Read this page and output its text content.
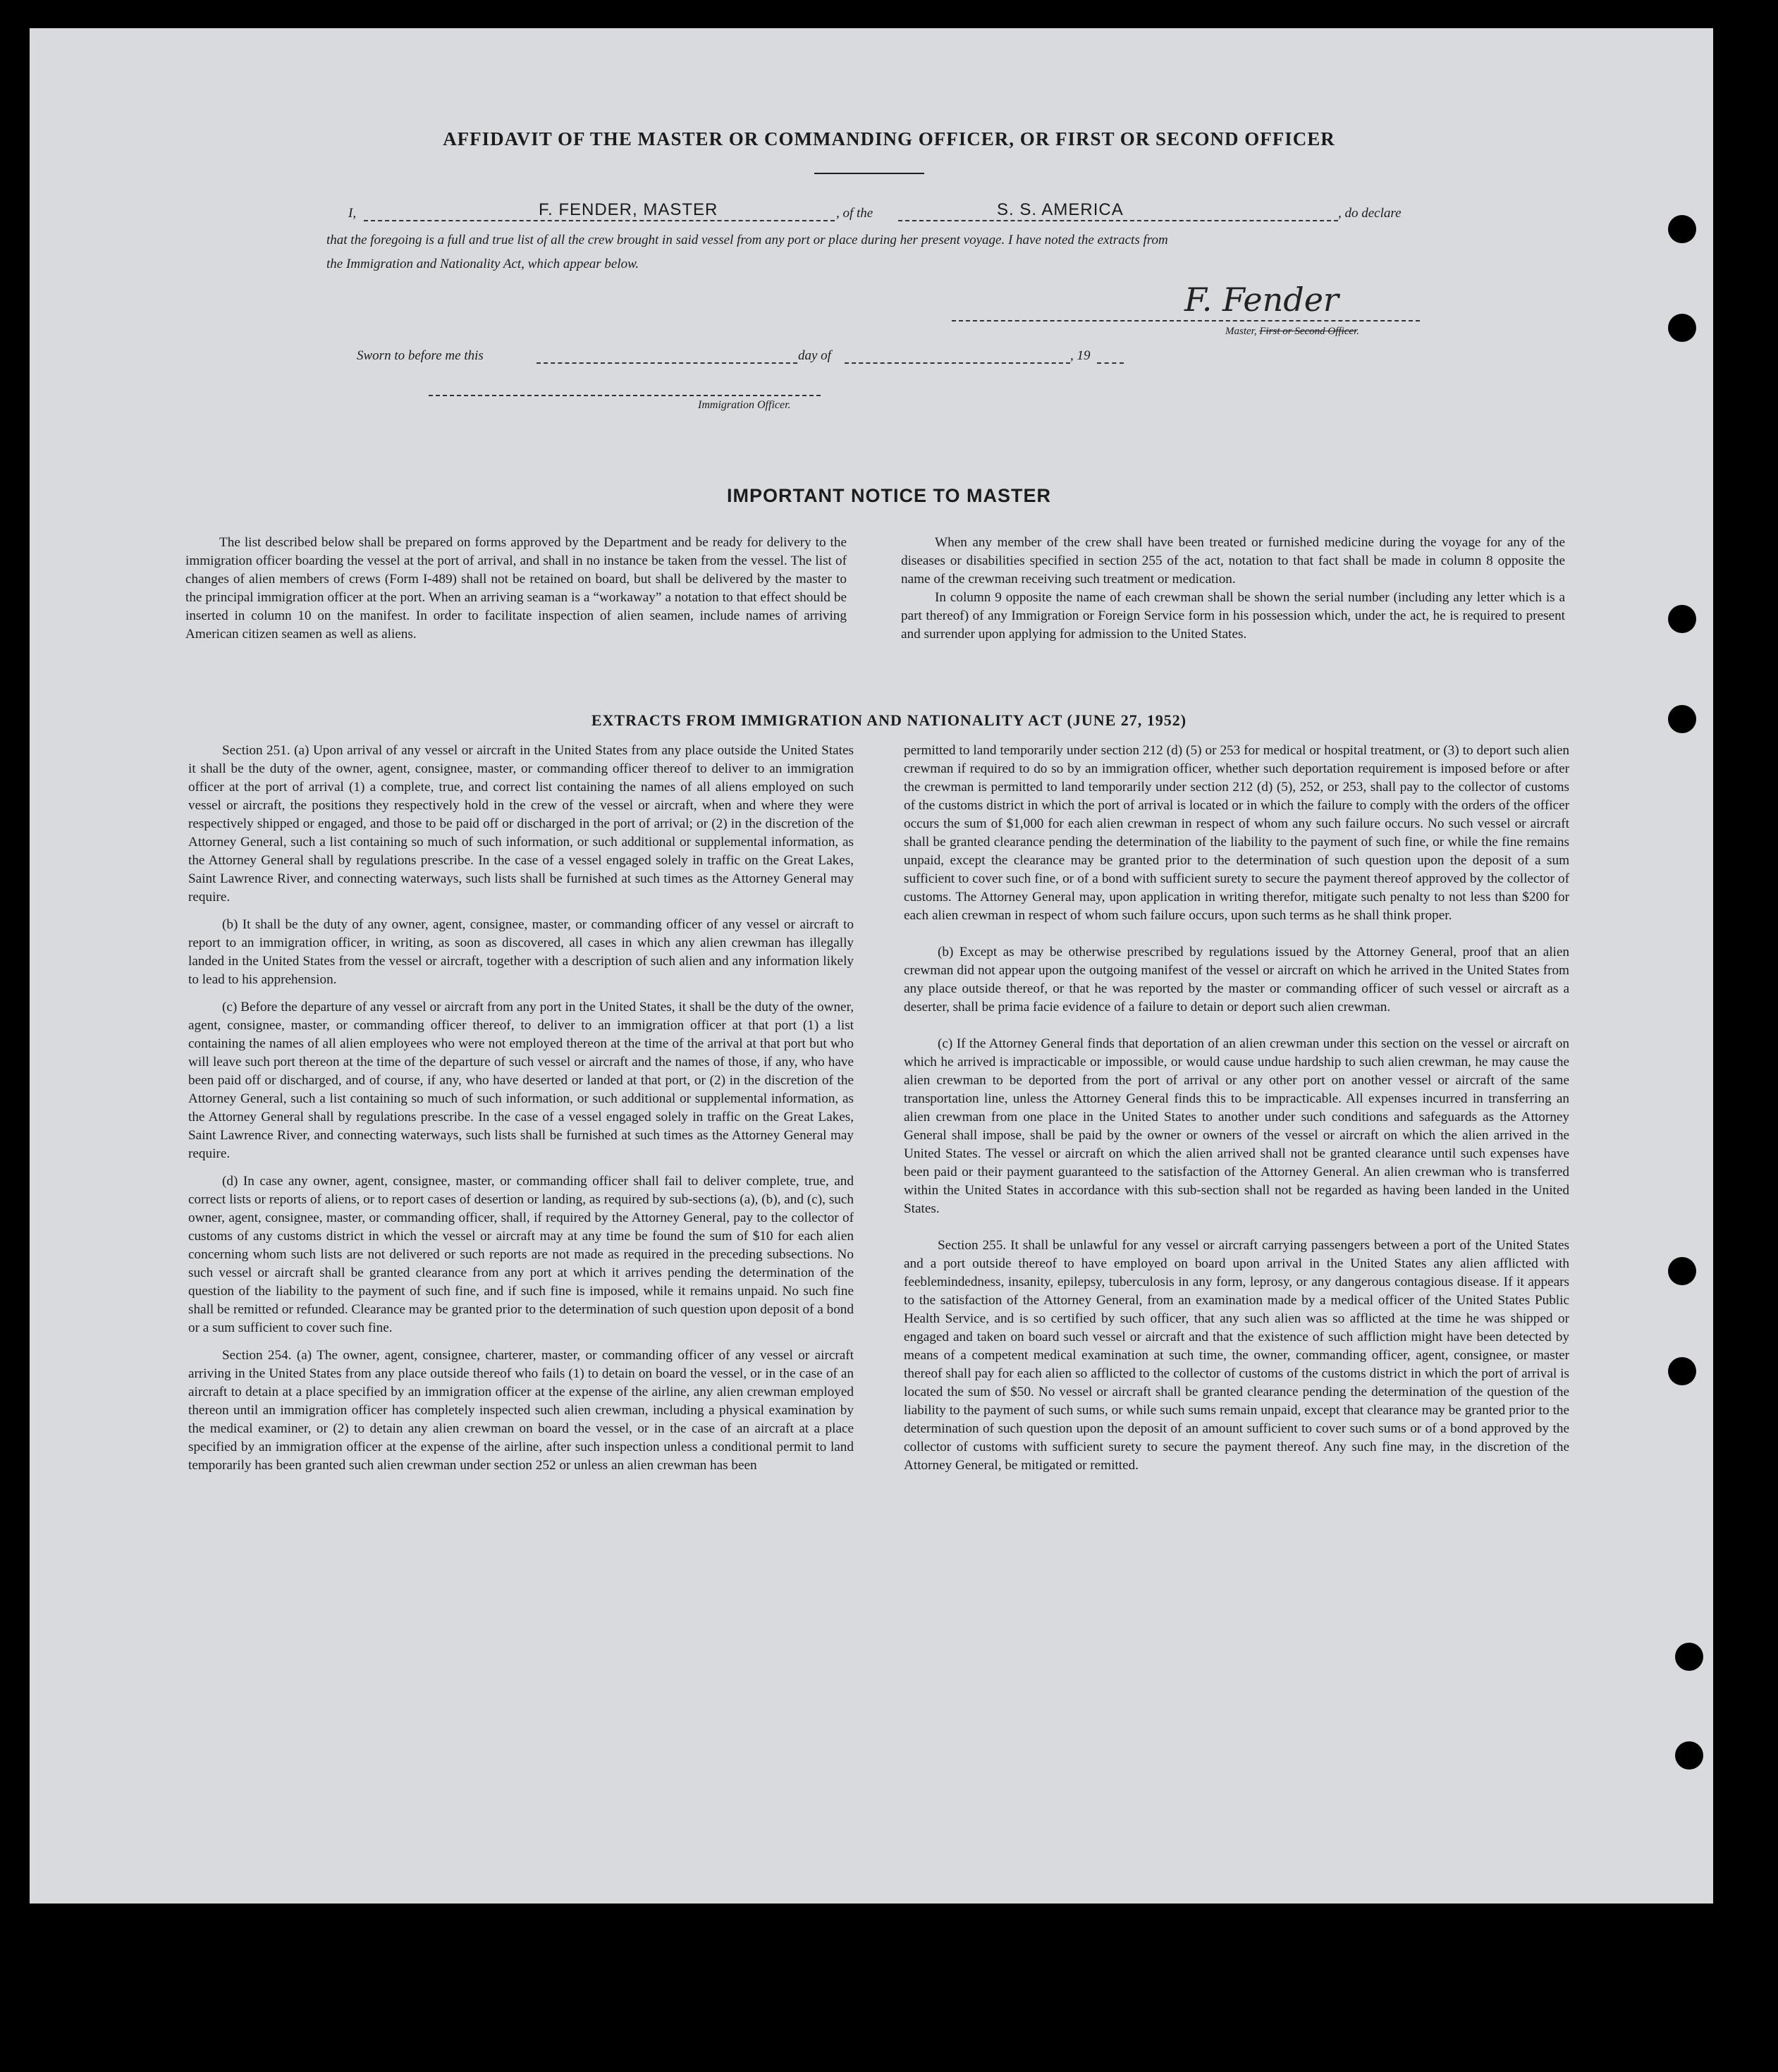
AFFIDAVIT OF THE MASTER OR COMMANDING OFFICER, OR FIRST OR SECOND OFFICER
I,	F. FENDER, MASTER	, of the	S. S. AMERICA	, do declare
that the foregoing is a full and true list of all the crew brought in said vessel from any port or place during her present voyage. I have noted the extracts from
the Immigration and Nationality Act, which appear below.
F. Fender
Master, First or Second Officer.
Sworn to before me this	day of	, 19
Immigration Officer.
IMPORTANT NOTICE TO MASTER

The list described below shall be prepared on forms approved by the Department and be ready for delivery to the immigration officer boarding the vessel at the port of arrival, and shall in no instance be taken from the vessel. The list of changes of alien members of crews (Form I-489) shall not be retained on board, but shall be delivered by the master to the principal immigration officer at the port. When an arriving seaman is a “workaway” a notation to that effect should be inserted in column 10 on the manifest. In order to facilitate inspection of alien seamen, include names of arriving American citizen seamen as well as aliens.

When any member of the crew shall have been treated or furnished medicine during the voyage for any of the diseases or disabilities specified in section 255 of the act, notation to that fact shall be made in column 8 opposite the name of the crewman receiving such treatment or medication.

In column 9 opposite the name of each crewman shall be shown the serial number (including any letter which is a part thereof) of any Immigration or Foreign Service form in his possession which, under the act, he is required to present and surrender upon applying for admission to the United States.

EXTRACTS FROM IMMIGRATION AND NATIONALITY ACT (JUNE 27, 1952)

Section 251. (a) Upon arrival of any vessel or aircraft in the United States from any place outside the United States it shall be the duty of the owner, agent, consignee, master, or commanding officer thereof to deliver to an immigration officer at the port of arrival (1) a complete, true, and correct list containing the names of all aliens employed on such vessel or aircraft, the positions they respectively hold in the crew of the vessel or aircraft, when and where they were respectively shipped or engaged, and those to be paid off or discharged in the port of arrival; or (2) in the discretion of the Attorney General, such a list containing so much of such information, or such additional or supplemental information, as the Attorney General shall by regulations prescribe. In the case of a vessel engaged solely in traffic on the Great Lakes, Saint Lawrence River, and connecting waterways, such lists shall be furnished at such times as the Attorney General may require.

(b) It shall be the duty of any owner, agent, consignee, master, or commanding officer of any vessel or aircraft to report to an immigration officer, in writing, as soon as discovered, all cases in which any alien crewman has illegally landed in the United States from the vessel or aircraft, together with a description of such alien and any information likely to lead to his apprehension.

(c) Before the departure of any vessel or aircraft from any port in the United States, it shall be the duty of the owner, agent, consignee, master, or commanding officer thereof, to deliver to an immigration officer at that port (1) a list containing the names of all alien employees who were not employed thereon at the time of the arrival at that port but who will leave such port thereon at the time of the departure of such vessel or aircraft and the names of those, if any, who have been paid off or discharged, and of course, if any, who have deserted or landed at that port, or (2) in the discretion of the Attorney General, such a list containing so much of such information, or such additional or supplemental information, as the Attorney General shall by regulations prescribe. In the case of a vessel engaged solely in traffic on the Great Lakes, Saint Lawrence River, and connecting waterways, such lists shall be furnished at such times as the Attorney General may require.

(d) In case any owner, agent, consignee, master, or commanding officer shall fail to deliver complete, true, and correct lists or reports of aliens, or to report cases of desertion or landing, as required by sub-sections (a), (b), and (c), such owner, agent, consignee, master, or commanding officer, shall, if required by the Attorney General, pay to the collector of customs of any customs district in which the vessel or aircraft may at any time be found the sum of $10 for each alien concerning whom such lists are not delivered or such reports are not made as required in the preceding subsections. No such vessel or aircraft shall be granted clearance from any port at which it arrives pending the determination of the question of the liability to the payment of such fine, and if such fine is imposed, while it remains unpaid. No such fine shall be remitted or refunded. Clearance may be granted prior to the determination of such question upon deposit of a bond or a sum sufficient to cover such fine.

Section 254. (a) The owner, agent, consignee, charterer, master, or commanding officer of any vessel or aircraft arriving in the United States from any place outside thereof who fails (1) to detain on board the vessel, or in the case of an aircraft to detain at a place specified by an immigration officer at the expense of the airline, any alien crewman employed thereon until an immigration officer has completely inspected such alien crewman, including a physical examination by the medical examiner, or (2) to detain any alien crewman on board the vessel, or in the case of an aircraft at a place specified by an immigration officer at the expense of the airline, after such inspection unless a conditional permit to land temporarily has been granted such alien crewman under section 252 or unless an alien crewman has been

permitted to land temporarily under section 212 (d) (5) or 253 for medical or hospital treatment, or (3) to deport such alien crewman if required to do so by an immigration officer, whether such deportation requirement is imposed before or after the crewman is permitted to land temporarily under section 212 (d) (5), 252, or 253, shall pay to the collector of customs of the customs district in which the port of arrival is located or in which the failure to comply with the orders of the officer occurs the sum of $1,000 for each alien crewman in respect of whom any such failure occurs. No such vessel or aircraft shall be granted clearance pending the determination of the liability to the payment of such fine, or while the fine remains unpaid, except the clearance may be granted prior to the determination of such question upon the deposit of a sum sufficient to cover such fine, or of a bond with sufficient surety to secure the payment thereof approved by the collector of customs. The Attorney General may, upon application in writing therefor, mitigate such penalty to not less than $200 for each alien crewman in respect of whom such failure occurs, upon such terms as he shall think proper.

(b) Except as may be otherwise prescribed by regulations issued by the Attorney General, proof that an alien crewman did not appear upon the outgoing manifest of the vessel or aircraft on which he arrived in the United States from any place outside thereof, or that he was reported by the master or commanding officer of such vessel or aircraft as a deserter, shall be prima facie evidence of a failure to detain or deport such alien crewman.

(c) If the Attorney General finds that deportation of an alien crewman under this section on the vessel or aircraft on which he arrived is impracticable or impossible, or would cause undue hardship to such alien crewman, he may cause the alien crewman to be deported from the port of arrival or any other port on another vessel or aircraft of the same transportation line, unless the Attorney General finds this to be impracticable. All expenses incurred in transferring an alien crewman from one place in the United States to another under such conditions and safeguards as the Attorney General shall impose, shall be paid by the owner or owners of the vessel or aircraft on which the alien arrived in the United States. The vessel or aircraft on which the alien arrived shall not be granted clearance until such expenses have been paid or their payment guaranteed to the satisfaction of the Attorney General. An alien crewman who is transferred within the United States in accordance with this sub-section shall not be regarded as having been landed in the United States.

Section 255. It shall be unlawful for any vessel or aircraft carrying passengers between a port of the United States and a port outside thereof to have employed on board upon arrival in the United States any alien afflicted with feeblemindedness, insanity, epilepsy, tuberculosis in any form, leprosy, or any dangerous contagious disease. If it appears to the satisfaction of the Attorney General, from an examination made by a medical officer of the United States Public Health Service, and is so certified by such officer, that any such alien was so afflicted at the time he was shipped or engaged and taken on board such vessel or aircraft and that the existence of such affliction might have been detected by means of a competent medical examination at such time, the owner, commanding officer, agent, consignee, or master thereof shall pay for each alien so afflicted to the collector of customs of the customs district in which the port of arrival is located the sum of $50. No vessel or aircraft shall be granted clearance pending the determination of the question of the liability to the payment of such sums, or while such sums remain unpaid, except that clearance may be granted prior to the determination of such question upon the deposit of an amount sufficient to cover such sums or of a bond approved by the collector of customs with sufficient surety to secure the payment thereof. Any such fine may, in the discretion of the Attorney General, be mitigated or remitted.
